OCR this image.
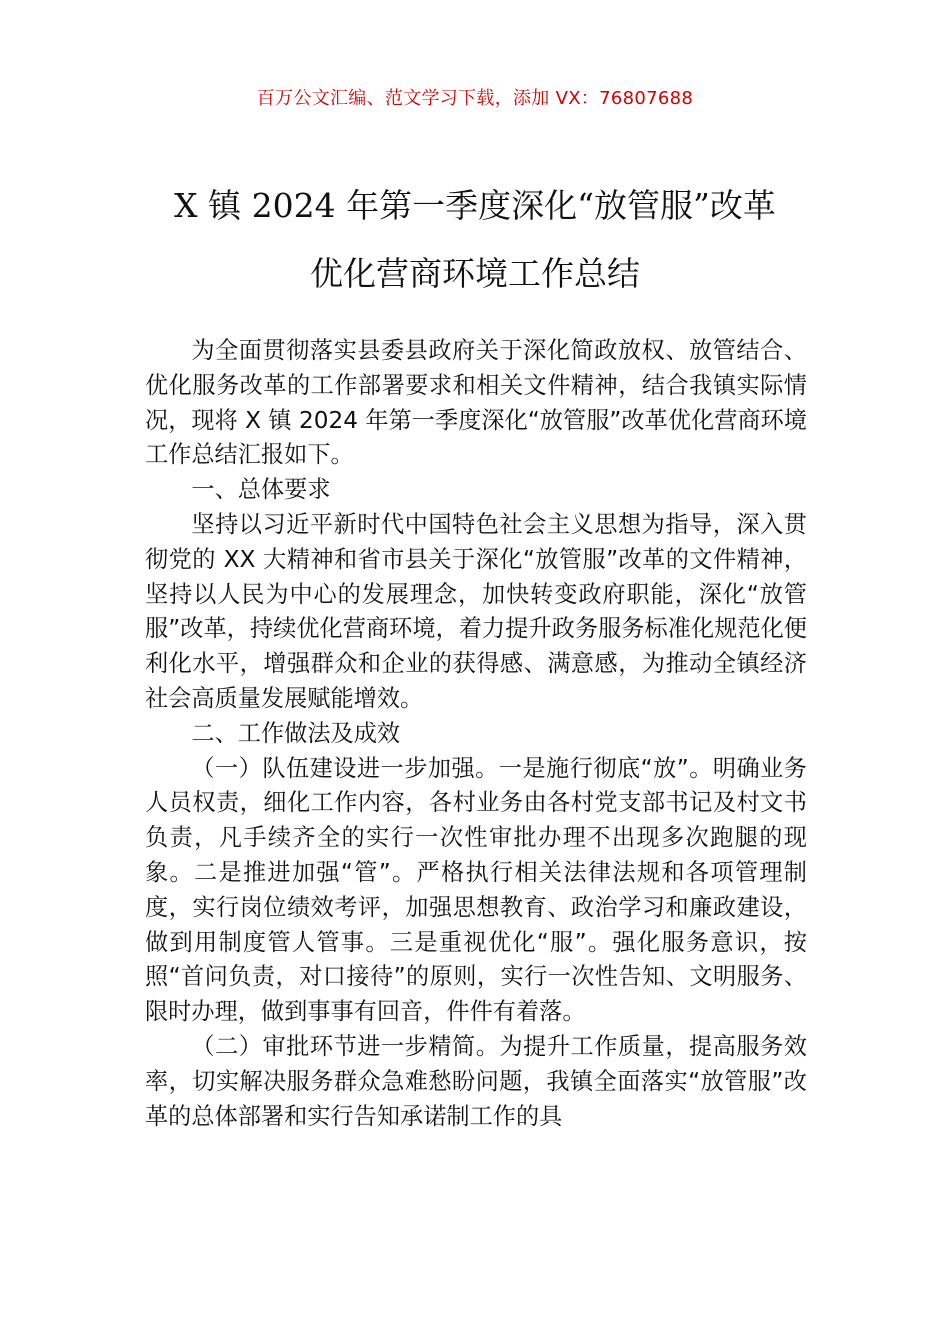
百万公文汇编、范文学习下载，添加 VX：76807688
X 镇 2024 年第一季度深化“放管服”改革
优化营商环境工作总结

为全面贯彻落实县委县政府关于深化简政放权、放管结合、优化服务改革的工作部署要求和相关文件精神，结合我镇实际情况，现将 X 镇 2024 年第一季度深化“放管服”改革优化营商环境工作总结汇报如下。

一、总体要求

坚持以习近平新时代中国特色社会主义思想为指导，深入贯彻党的 XX 大精神和省市县关于深化“放管服”改革的文件精神，坚持以人民为中心的发展理念，加快转变政府职能，深化“放管服”改革，持续优化营商环境，着力提升政务服务标准化规范化便利化水平，增强群众和企业的获得感、满意感，为推动全镇经济社会高质量发展赋能增效。

二、工作做法及成效

（一）队伍建设进一步加强。一是施行彻底“放”。明确业务人员权责，细化工作内容，各村业务由各村党支部书记及村文书负责，凡手续齐全的实行一次性审批办理不出现多次跑腿的现象。二是推进加强“管”。严格执行相关法律法规和各项管理制度，实行岗位绩效考评，加强思想教育、政治学习和廉政建设，做到用制度管人管事。三是重视优化“服”。强化服务意识，按照“首问负责，对口接待”的原则，实行一次性告知、文明服务、限时办理，做到事事有回音，件件有着落。

（二）审批环节进一步精简。为提升工作质量，提高服务效率，切实解决服务群众急难愁盼问题，我镇全面落实“放管服”改革的总体部署和实行告知承诺制工作的具
